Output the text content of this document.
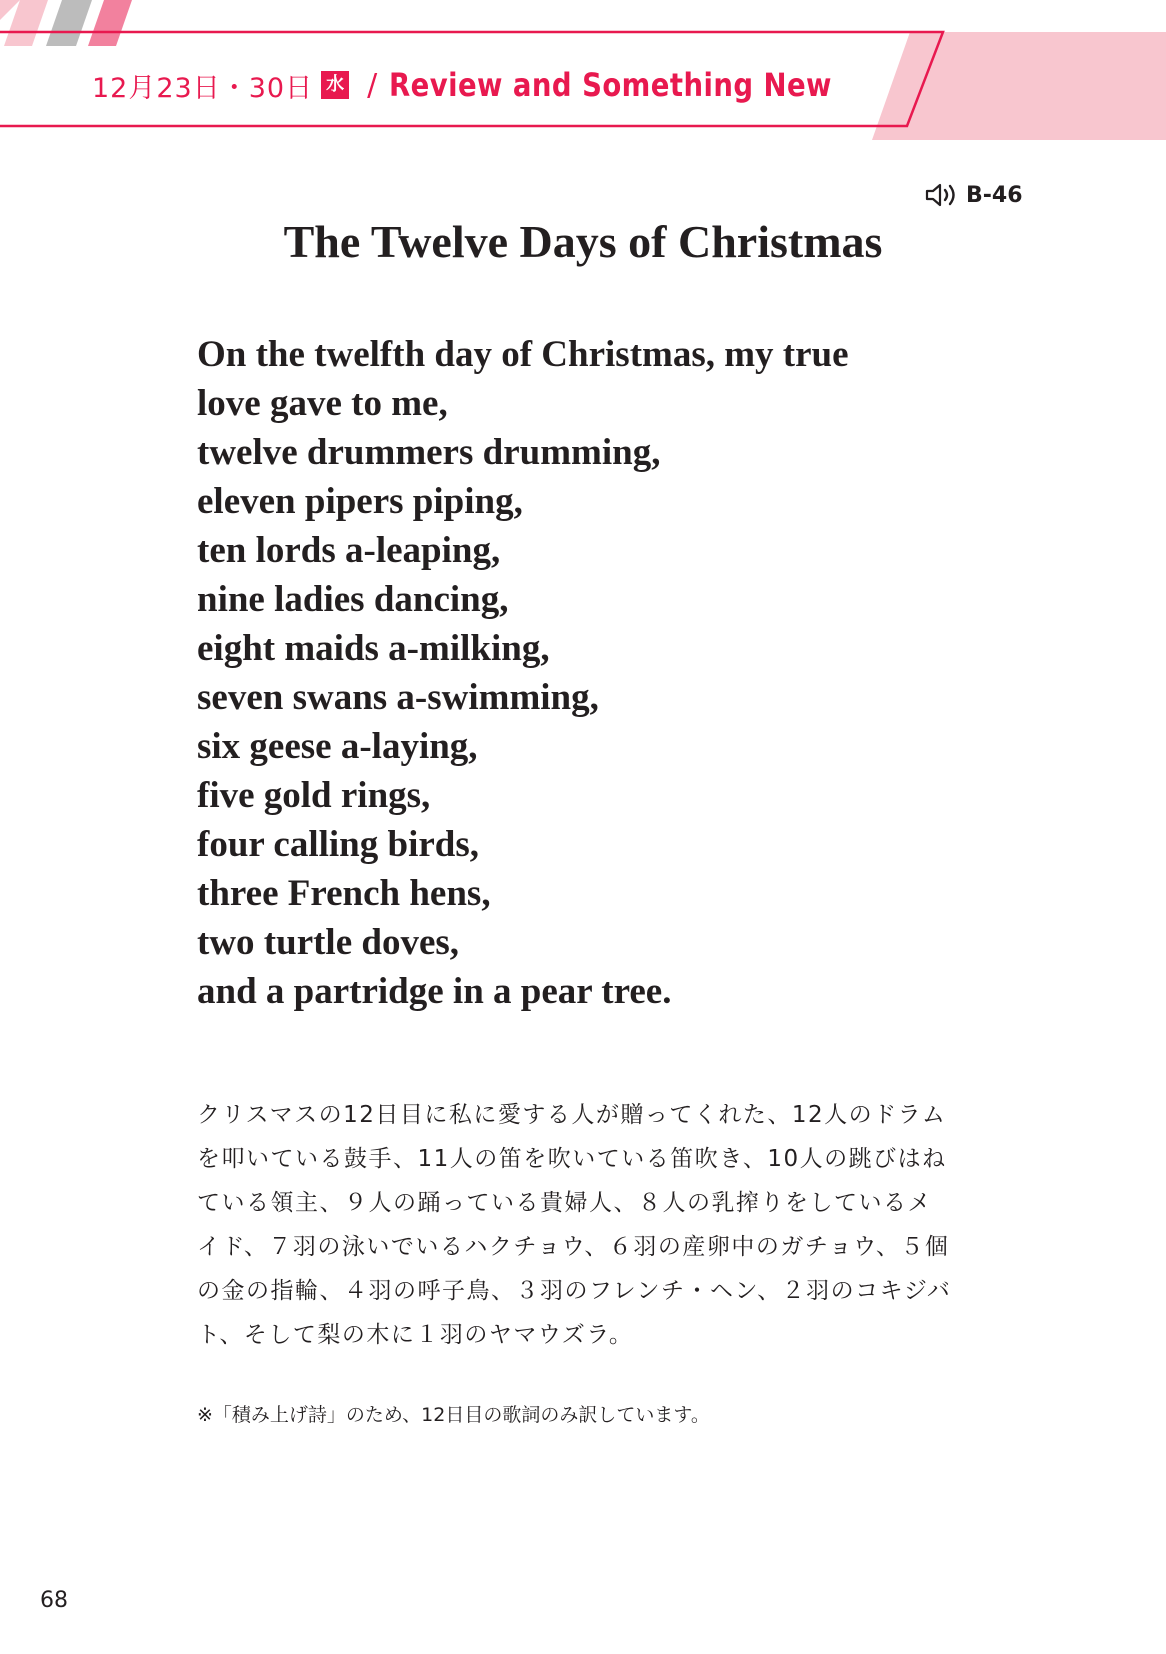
12月23日・30日 水 / Review and Something New
B-46
The Twelve Days of Christmas
On the twelfth day of Christmas, my true
love gave to me,
twelve drummers drumming,
eleven pipers piping,
ten lords a-leaping,
nine ladies dancing,
eight maids a-milking,
seven swans a-swimming,
six geese a-laying,
five gold rings,
four calling birds,
three French hens,
two turtle doves,
and a partridge in a pear tree.

クリスマスの12日目に私に愛する人が贈ってくれた、12人のドラムを叩いている鼓手、11人の笛を吹いている笛吹き、10人の跳びはねている領主、９人の踊っている貴婦人、８人の乳搾りをしているメイド、７羽の泳いでいるハクチョウ、６羽の産卵中のガチョウ、５個の金の指輪、４羽の呼子鳥、３羽のフレンチ・ヘン、２羽のコキジバト、そして梨の木に１羽のヤマウズラ。

※「積み上げ詩」のため、12日目の歌詞のみ訳しています。

68
